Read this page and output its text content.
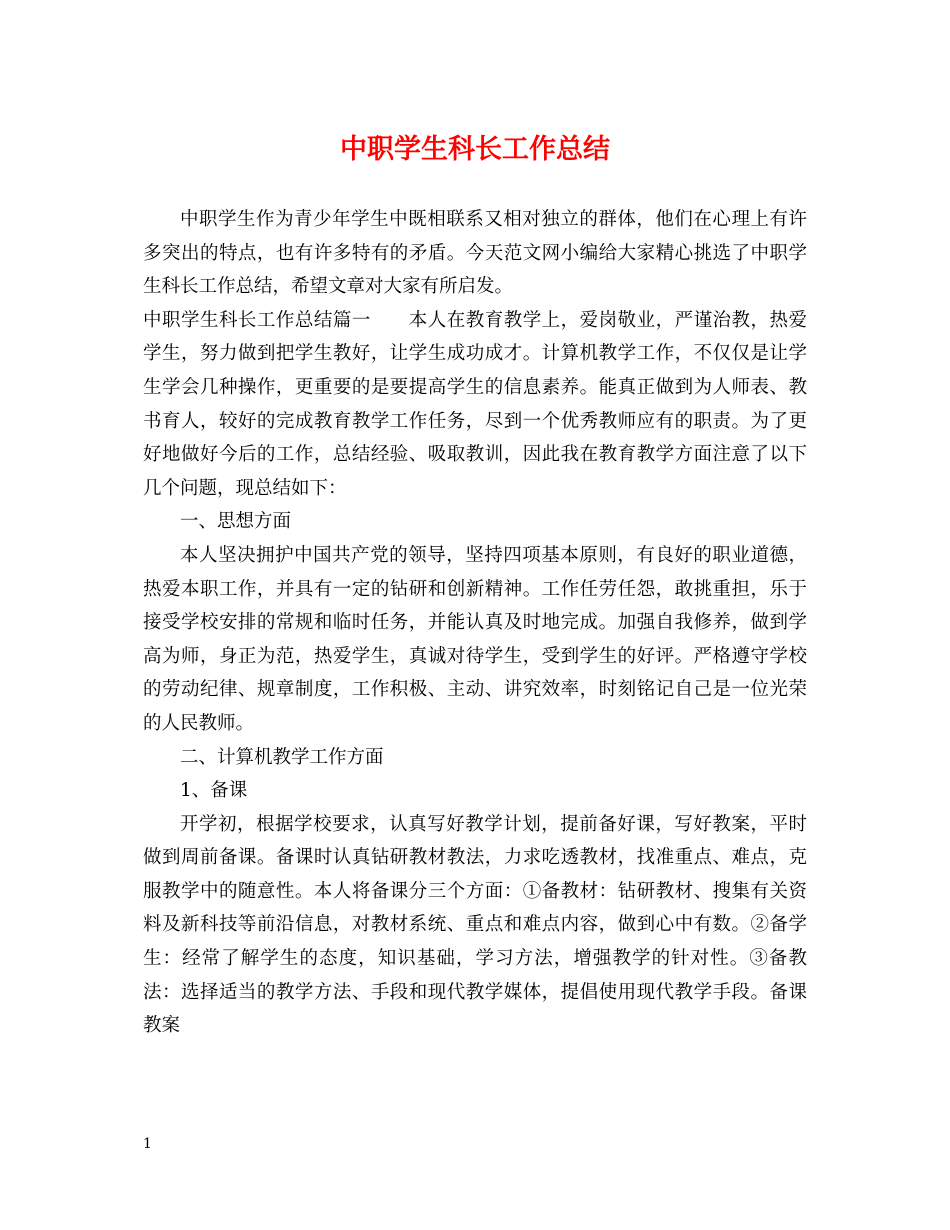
中职学生科长工作总结

中职学生作为青少年学生中既相联系又相对独立的群体，他们在心理上有许多突出的特点，也有许多特有的矛盾。今天范文网小编给大家精心挑选了中职学生科长工作总结，希望文章对大家有所启发。

中职学生科长工作总结篇一　　本人在教育教学上，爱岗敬业，严谨治教，热爱学生，努力做到把学生教好，让学生成功成才。计算机教学工作，不仅仅是让学生学会几种操作，更重要的是要提高学生的信息素养。能真正做到为人师表、教书育人，较好的完成教育教学工作任务，尽到一个优秀教师应有的职责。为了更好地做好今后的工作，总结经验、吸取教训，因此我在教育教学方面注意了以下几个问题，现总结如下：

一、思想方面

本人坚决拥护中国共产党的领导，坚持四项基本原则，有良好的职业道德，热爱本职工作，并具有一定的钻研和创新精神。工作任劳任怨，敢挑重担，乐于接受学校安排的常规和临时任务，并能认真及时地完成。加强自我修养，做到学高为师，身正为范，热爱学生，真诚对待学生，受到学生的好评。严格遵守学校的劳动纪律、规章制度，工作积极、主动、讲究效率，时刻铭记自己是一位光荣的人民教师。

二、计算机教学工作方面

1、备课

开学初，根据学校要求，认真写好教学计划，提前备好课，写好教案，平时做到周前备课。备课时认真钻研教材教法，力求吃透教材，找准重点、难点，克服教学中的随意性。本人将备课分三个方面：①备教材：钻研教材、搜集有关资料及新科技等前沿信息，对教材系统、重点和难点内容，做到心中有数。②备学生：经常了解学生的态度，知识基础，学习方法，增强教学的针对性。③备教法：选择适当的教学方法、手段和现代教学媒体，提倡使用现代教学手段。备课教案

1
